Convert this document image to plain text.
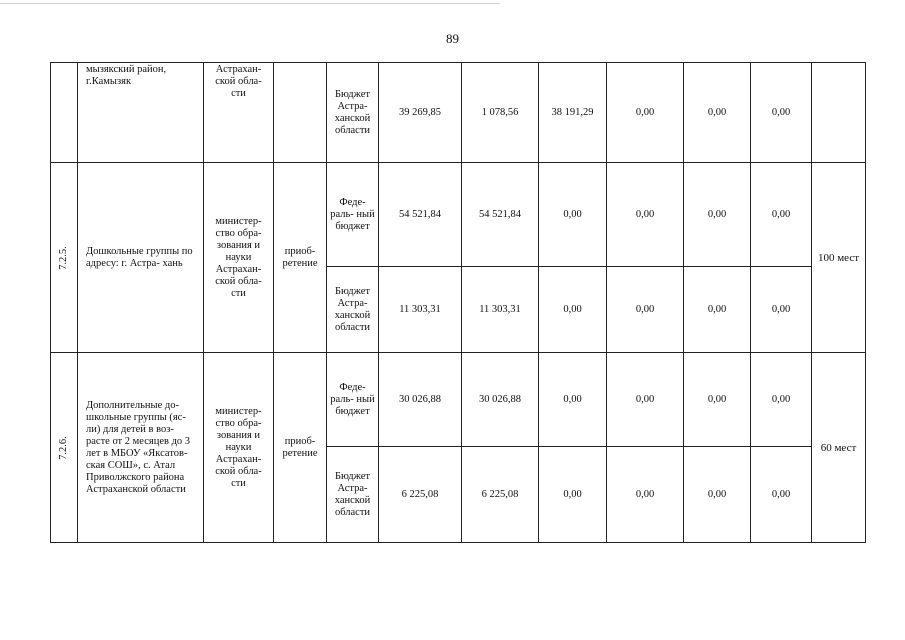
89
	мызякский район, г.Камызяк	Астрахан- ской обла- сти		Бюджет Астра- ханской области	39 269,85	1 078,56	38 191,29	0,00	0,00	0,00	
7.2.5.	Дошкольные группы по адресу: г. Астра- хань	министер- ство обра- зования и науки Астрахан- ской обла- сти	приоб- ретение	Феде- раль- ный бюджет	54 521,84	54 521,84	0,00	0,00	0,00	0,00	100 мест
				Бюджет Астра- ханской области	11 303,31	11 303,31	0,00	0,00	0,00	0,00	
7.2.6.	Дополнительные до- школьные группы (яс- ли) для детей в воз- расте от 2 месяцев до 3 лет в МБОУ «Яксатов- ская СОШ», с. Атал Приволжского района Астраханской области	министер- ство обра- зования и науки Астрахан- ской обла- сти	приоб- ретение	Феде- раль- ный бюджет	30 026,88	30 026,88	0,00	0,00	0,00	0,00	60 мест
				Бюджет Астра- ханской области	6 225,08	6 225,08	0,00	0,00	0,00	0,00	
